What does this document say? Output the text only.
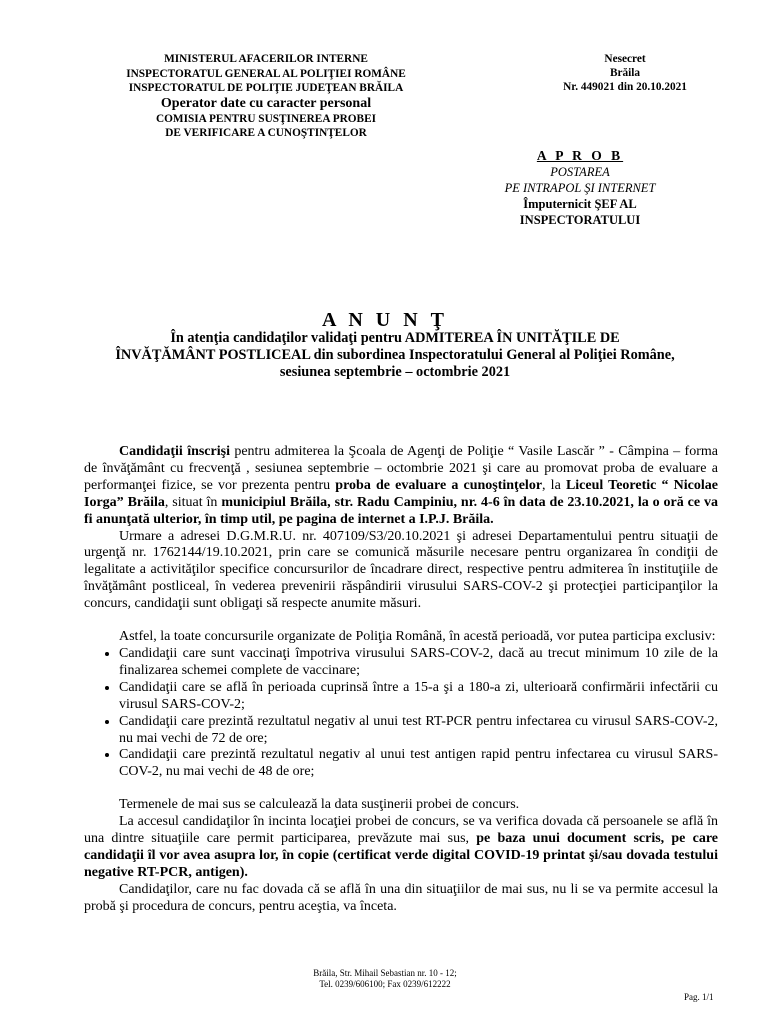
MINISTERUL AFACERILOR INTERNE
INSPECTORATUL GENERAL AL POLIŢIEI ROMÂNE
INSPECTORATUL DE POLIŢIE JUDEŢEAN BRĂILA
Operator date cu caracter personal
COMISIA PENTRU SUSŢINEREA PROBEI
DE VERIFICARE A CUNOŞTINŢELOR
Nesecret
Brăila
Nr. 449021 din 20.10.2021
A P R O B
POSTAREA
PE INTRAPOL ŞI INTERNET
Împuternicit ŞEF AL
INSPECTORATULUI
A N U N Ţ
În atenţia candidaţilor validaţi pentru ADMITEREA ÎN UNITĂŢILE DE
ÎNVĂŢĂMÂNT POSTLICEAL din subordinea Inspectoratului General al Poliţiei Române,
sesiunea septembrie – octombrie 2021

Candidaţii înscrişi pentru admiterea la Şcoala de Agenţi de Poliţie “ Vasile Lascăr ” - Câmpina – forma de învăţământ cu frecvenţă , sesiunea septembrie – octombrie 2021 şi care au promovat proba de evaluare a performanţei fizice, se vor prezenta pentru proba de evaluare a cunoştinţelor, la Liceul Teoretic “ Nicolae Iorga” Brăila, situat în municipiul Brăila, str. Radu Campiniu, nr. 4-6 în data de 23.10.2021, la o oră ce va fi anunţată ulterior, în timp util, pe pagina de internet a I.P.J. Brăila.

Urmare a adresei D.G.M.R.U. nr. 407109/S3/20.10.2021 şi adresei Departamentului pentru situaţii de urgenţă nr. 1762144/19.10.2021, prin care se comunică măsurile necesare pentru organizarea în condiţii de legalitate a activităţilor specifice concursurilor de încadrare direct, respective pentru admiterea în instituţiile de învăţământ postliceal, în vederea prevenirii răspândirii virusului SARS-COV-2 şi protecţiei participanţilor la concurs, candidaţii sunt obligaţi să respecte anumite măsuri.

Astfel, la toate concursurile organizate de Poliţia Română, în acestă perioadă, vor putea participa exclusiv:

• Candidaţii care sunt vaccinaţi împotriva virusului SARS-COV-2, dacă au trecut minimum 10 zile de la finalizarea schemei complete de vaccinare;
• Candidaţii care se află în perioada cuprinsă între a 15-a şi a 180-a zi, ulterioară confirmării infectării cu virusul SARS-COV-2;
• Candidaţii care prezintă rezultatul negativ al unui test RT-PCR pentru infectarea cu virusul SARS-COV-2, nu mai vechi de 72 de ore;
• Candidaţii care prezintă rezultatul negativ al unui test antigen rapid pentru infectarea cu virusul SARS-COV-2, nu mai vechi de 48 de ore;

Termenele de mai sus se calculează la data susţinerii probei de concurs.

La accesul candidaţilor în incinta locaţiei probei de concurs, se va verifica dovada că persoanele se află în una dintre situaţiile care permit participarea, prevăzute mai sus, pe baza unui document scris, pe care candidaţii îl vor avea asupra lor, în copie (certificat verde digital COVID-19 printat şi/sau dovada testului negative RT-PCR, antigen).

Candidaţilor, care nu fac dovada că se află în una din situaţiilor de mai sus, nu li se va permite accesul la probă şi procedura de concurs, pentru aceştia, va înceta.

Brăila, Str. Mihail Sebastian nr. 10 - 12;
Tel. 0239/606100; Fax 0239/612222
Pag. 1/1
